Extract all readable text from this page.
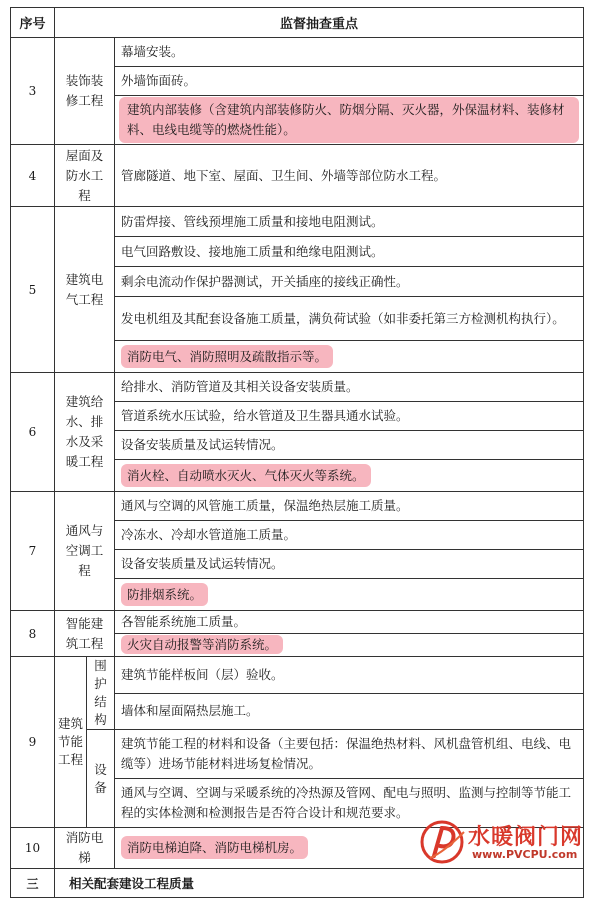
序号	监督抽查重点		
3	装饰装修工程		幕墙安装。
			外墙饰面砖。

			建筑内部装修（含建筑内部装修防火、防烟分隔、灭火器，外保温材料、装修材料、电线电缆等的燃烧性能）。

4	屋面及防水工程		管廊隧道、地下室、屋面、卫生间、外墙等部位防水工程。
5	建筑电气工程		防雷焊接、管线预埋施工质量和接地电阻测试。
			电气回路敷设、接地施工质量和绝缘电阻测试。
			剩余电流动作保护器测试，开关插座的接线正确性。
			发电机组及其配套设备施工质量，满负荷试验（如非委托第三方检测机构执行）。
			消防电气、消防照明及疏散指示等。
6	建筑给水、排水及采暖工程		给排水、消防管道及其相关设备安装质量。
			管道系统水压试验，给水管道及卫生器具通水试验。
			设备安装质量及试运转情况。
			消火栓、自动喷水灭火、气体灭火等系统。
7	通风与空调工程		通风与空调的风管施工质量，保温绝热层施工质量。
			冷冻水、冷却水管道施工质量。
			设备安装质量及试运转情况。
			防排烟系统。
8	智能建筑工程		各智能系统施工质量。
			火灾自动报警等消防系统。
9	建筑节能工程	围护结构	建筑节能样板间（层）验收。
			墙体和屋面隔热层施工。
		设备	建筑节能工程的材料和设备（主要包括：保温绝热材料、风机盘管机组、电线、电缆等）进场节能材料进场复检情况。
			通风与空调、空调与采暖系统的冷热源及管网、配电与照明、监测与控制等节能工程的实体检测和检测报告是否符合设计和规范要求。
10	消防电梯		消防电梯迫降、消防电梯机房。
三	相关配套建设工程质量		
水暖阀门网
www.PVCPU.com
